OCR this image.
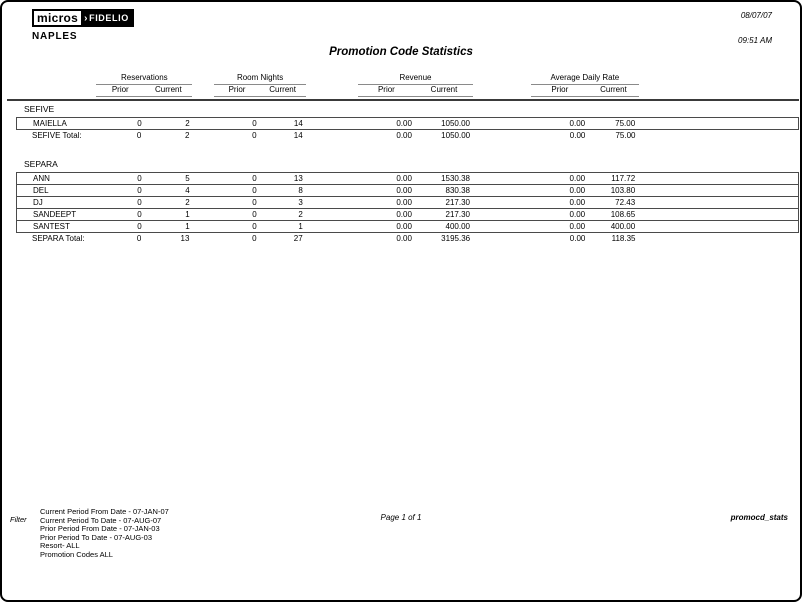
micros › FIDELIO
NAPLES
08/07/07
09:51 AM
Promotion Code Statistics
	Reservations			Room Nights			Revenue			Average Daily Rate		
	Prior	Current		Prior	Current		Prior	Current		Prior	Current	
SEFIVE
MAIELLA	0	2		0	14		0.00	1050.00		0.00	75.00	
SEFIVE Total:	0	2		0	14		0.00	1050.00		0.00	75.00	
SEPARA
ANN	0	5		0	13		0.00	1530.38		0.00	117.72	
DEL	0	4		0	8		0.00	830.38		0.00	103.80	
DJ	0	2		0	3		0.00	217.30		0.00	72.43	
SANDEEPT	0	1		0	2		0.00	217.30		0.00	108.65	
SANTEST	0	1		0	1		0.00	400.00		0.00	400.00	
SEPARA Total:	0	13		0	27		0.00	3195.36		0.00	118.35	
Filter
Current Period From Date - 07-JAN-07
Current Period To Date - 07-AUG-07
Prior Period From Date - 07-JAN-03
Prior Period To Date - 07-AUG-03
Resort- ALL
Promotion Codes ALL
Page 1 of 1	promocd_stats
